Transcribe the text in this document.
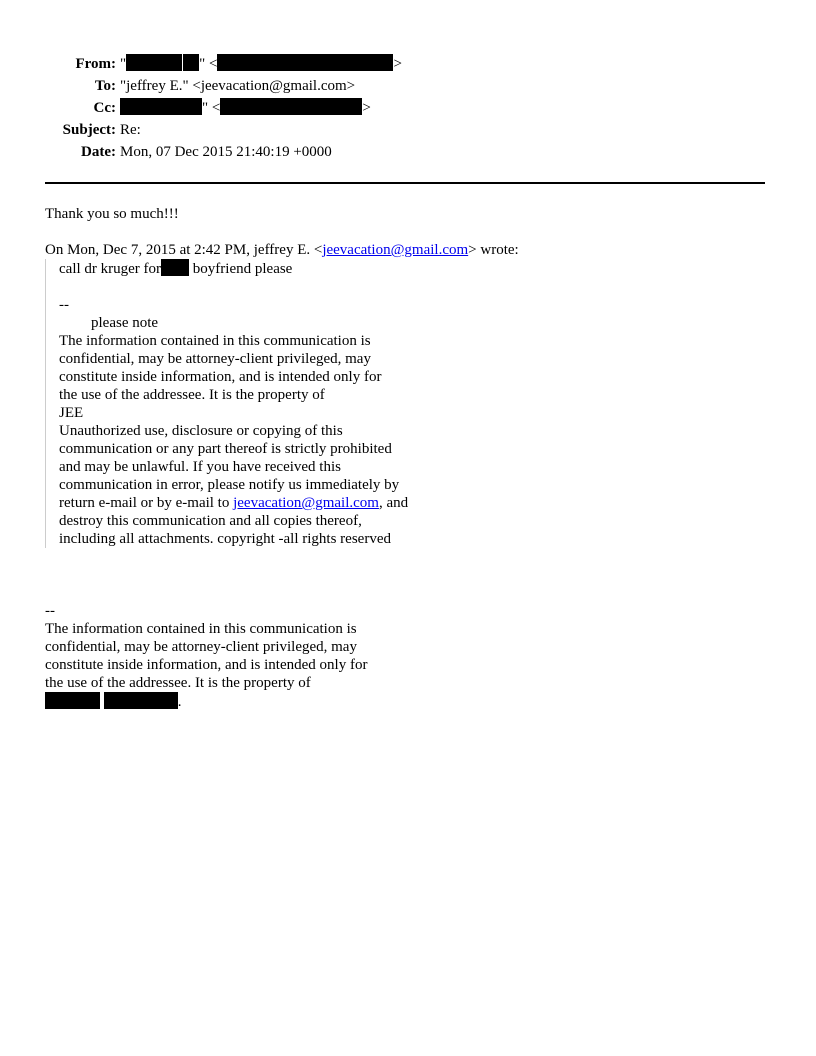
From: "	" <	>
To: "jeffrey E." <jeevacation@gmail.com>
Cc:	" <	>
Subject: Re:
Date: Mon, 07 Dec 2015 21:40:19 +0000

Thank you so much!!!

On Mon, Dec 7, 2015 at 2:42 PM, jeffrey E. <jeevacation@gmail.com> wrote:

call dr kruger for boyfriend please

--

please note

The information contained in this communication is

confidential, may be attorney-client privileged, may

constitute inside information, and is intended only for

the use of the addressee. It is the property of

JEE

Unauthorized use, disclosure or copying of this

communication or any part thereof is strictly prohibited

and may be unlawful. If you have received this

communication in error, please notify us immediately by

return e-mail or by e-mail to jeevacation@gmail.com, and

destroy this communication and all copies thereof,

including all attachments. copyright -all rights reserved

--

The information contained in this communication is

confidential, may be attorney-client privileged, may

constitute inside information, and is intended only for

the use of the addressee. It is the property of

.
